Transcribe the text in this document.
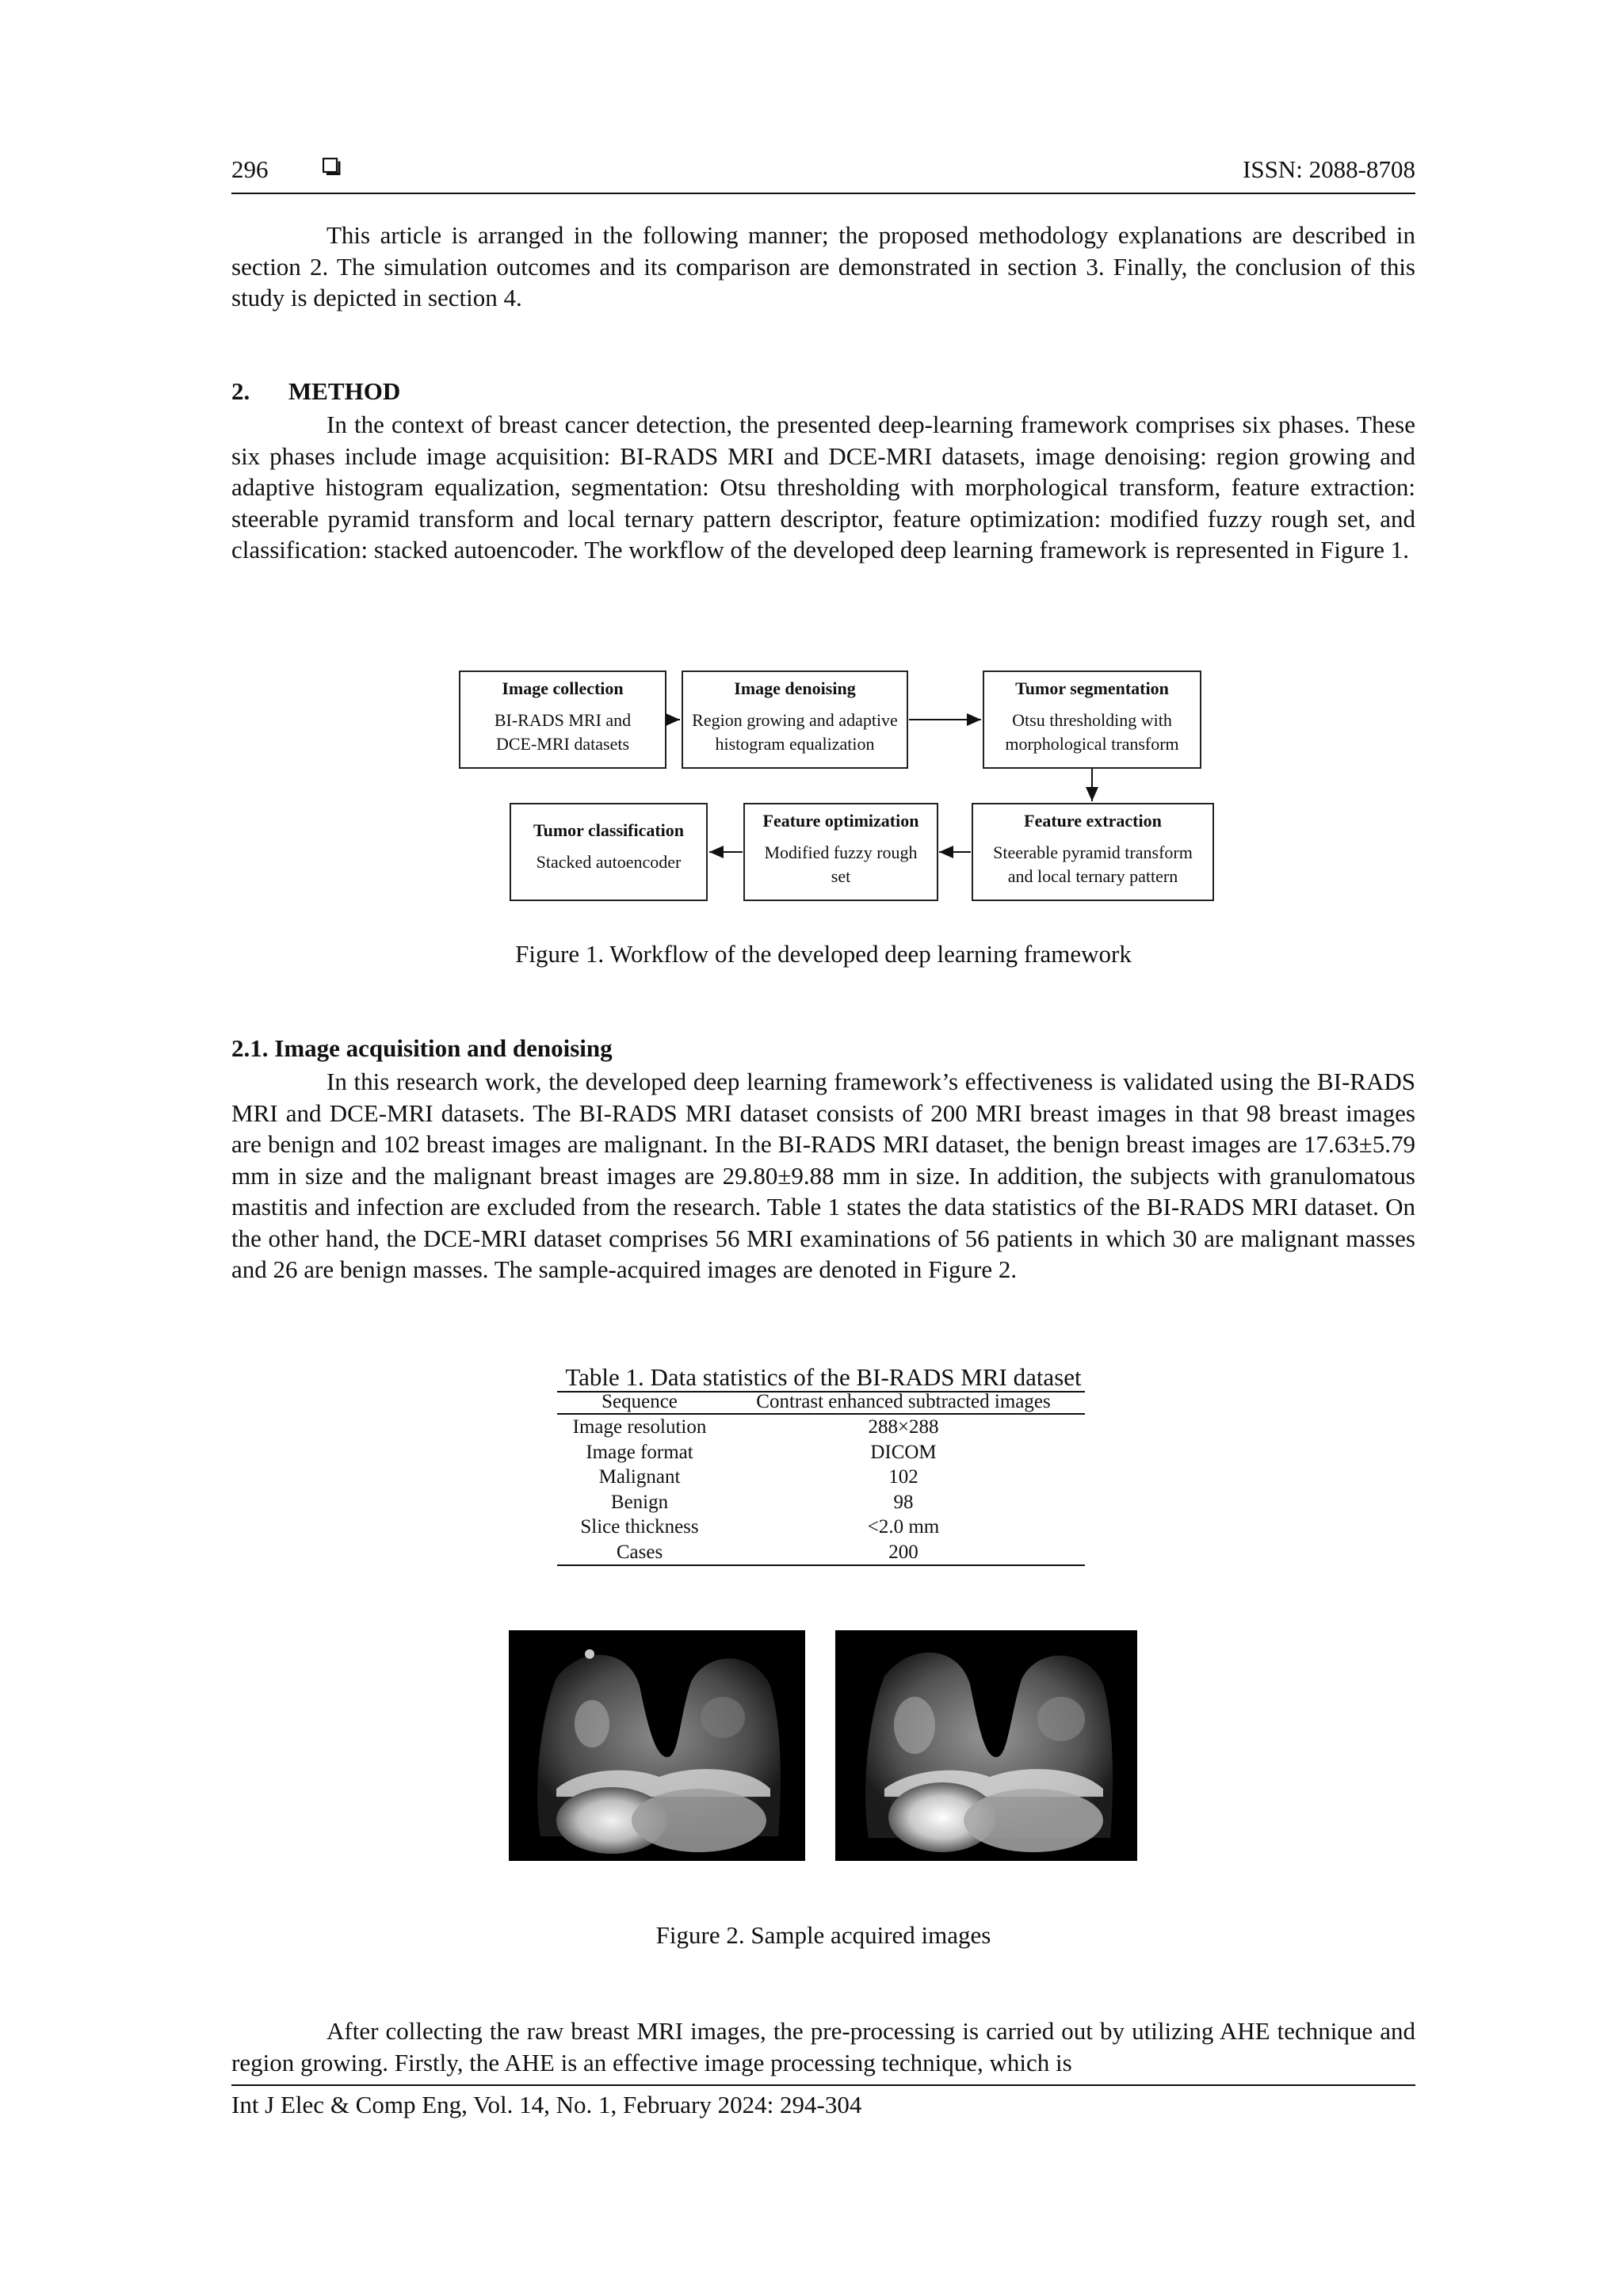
296	ISSN: 2088-8708

This article is arranged in the following manner; the proposed methodology explanations are described in section 2. The simulation outcomes and its comparison are demonstrated in section 3. Finally, the conclusion of this study is depicted in section 4.

2. METHOD

In the context of breast cancer detection, the presented deep-learning framework comprises six phases. These six phases include image acquisition: BI-RADS MRI and DCE-MRI datasets, image denoising: region growing and adaptive histogram equalization, segmentation: Otsu thresholding with morphological transform, feature extraction: steerable pyramid transform and local ternary pattern descriptor, feature optimization: modified fuzzy rough set, and classification: stacked autoencoder. The workflow of the developed deep learning framework is represented in Figure 1.

Image collection
BI-RADS MRI and
DCE-MRI datasets
Image denoising
Region growing and adaptive
histogram equalization
Tumor segmentation
Otsu thresholding with
morphological transform
Tumor classification
Stacked autoencoder
Feature optimization
Modified fuzzy rough
set
Feature extraction
Steerable pyramid transform
and local ternary pattern
Figure 1. Workflow of the developed deep learning framework
2.1. Image acquisition and denoising

In this research work, the developed deep learning framework’s effectiveness is validated using the BI-RADS MRI and DCE-MRI datasets. The BI-RADS MRI dataset consists of 200 MRI breast images in that 98 breast images are benign and 102 breast images are malignant. In the BI-RADS MRI dataset, the benign breast images are 17.63±5.79 mm in size and the malignant breast images are 29.80±9.88 mm in size. In addition, the subjects with granulomatous mastitis and infection are excluded from the research. Table 1 states the data statistics of the BI-RADS MRI dataset. On the other hand, the DCE-MRI dataset comprises 56 MRI examinations of 56 patients in which 30 are malignant masses and 26 are benign masses. The sample-acquired images are denoted in Figure 2.

Table 1. Data statistics of the BI-RADS MRI dataset
Sequence	Contrast enhanced subtracted images
Image resolution	288×288
Image format	DICOM
Malignant	102
Benign	98
Slice thickness	<2.0 mm
Cases	200
Figure 2. Sample acquired images

After collecting the raw breast MRI images, the pre-processing is carried out by utilizing AHE technique and region growing. Firstly, the AHE is an effective image processing technique, which is

Int J Elec & Comp Eng, Vol. 14, No. 1, February 2024: 294-304
